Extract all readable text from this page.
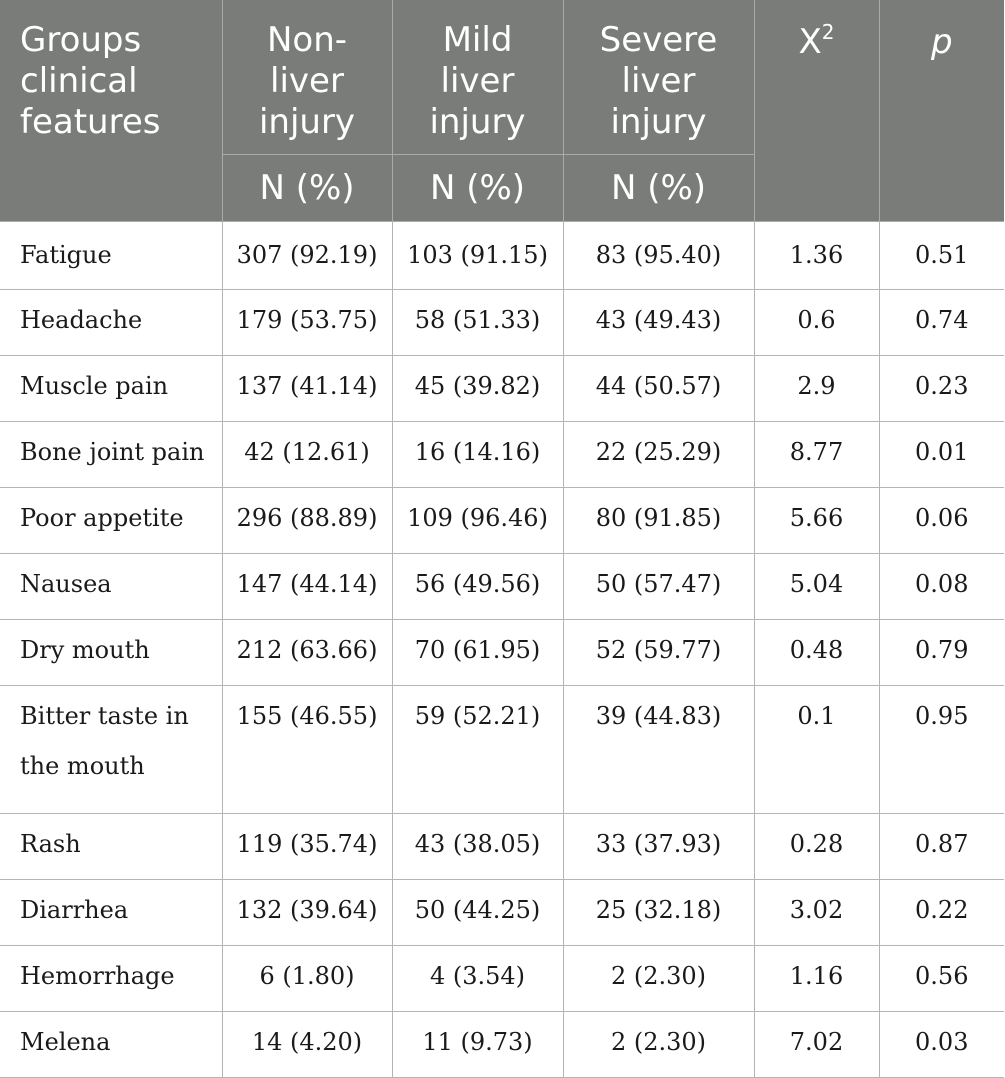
Groups clinical features	Non-liver injury	Mild liver injury	Severe liver injury	$X^2$	p
	N (%)	N (%)	N (%)		
Fatigue	307 (92.19)	103 (91.15)	83 (95.40)	1.36	0.51
Headache	179 (53.75)	58 (51.33)	43 (49.43)	0.6	0.74
Muscle pain	137 (41.14)	45 (39.82)	44 (50.57)	2.9	0.23
Bone joint pain	42 (12.61)	16 (14.16)	22 (25.29)	8.77	0.01
Poor appetite	296 (88.89)	109 (96.46)	80 (91.85)	5.66	0.06
Nausea	147 (44.14)	56 (49.56)	50 (57.47)	5.04	0.08
Dry mouth	212 (63.66)	70 (61.95)	52 (59.77)	0.48	0.79
Bitter taste in the mouth	155 (46.55)	59 (52.21)	39 (44.83)	0.1	0.95
Rash	119 (35.74)	43 (38.05)	33 (37.93)	0.28	0.87
Diarrhea	132 (39.64)	50 (44.25)	25 (32.18)	3.02	0.22
Hemorrhage	6 (1.80)	4 (3.54)	2 (2.30)	1.16	0.56
Melena	14 (4.20)	11 (9.73)	2 (2.30)	7.02	0.03
